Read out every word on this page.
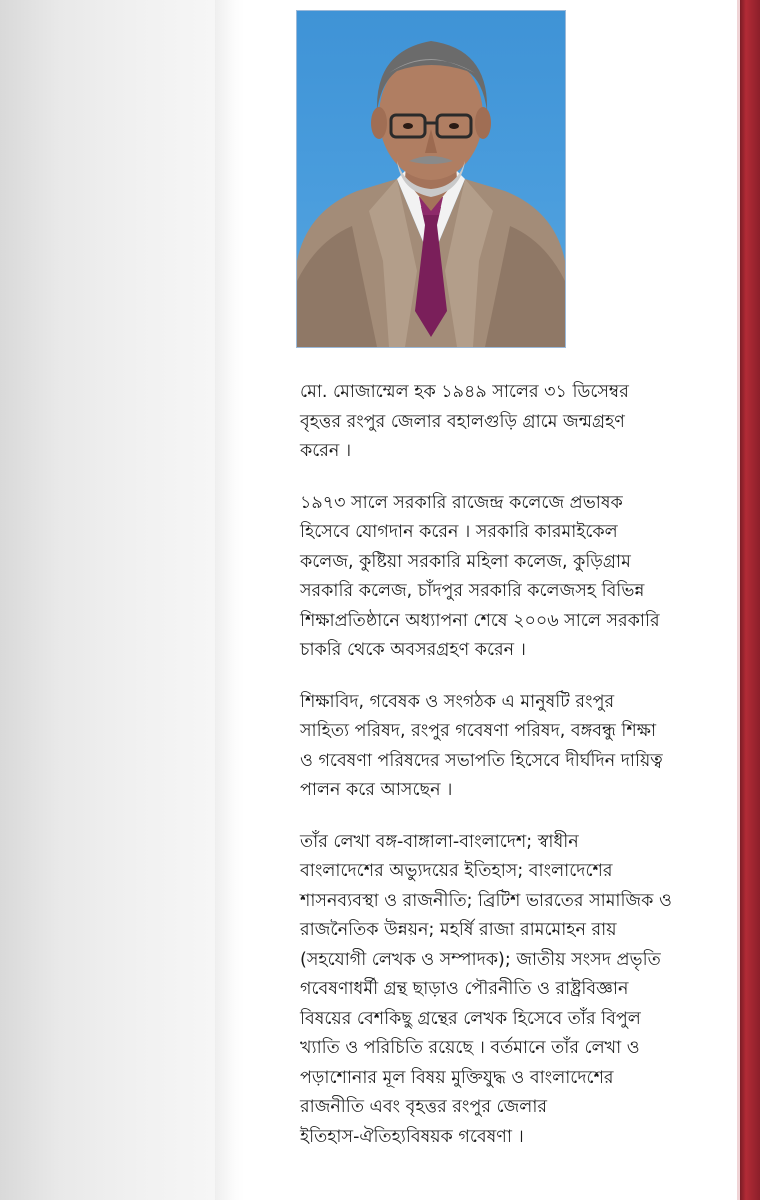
মো. মোজাম্মেল হক ১৯৪৯ সালের ৩১ ডিসেম্বর
বৃহত্তর রংপুর জেলার বহালগুড়ি গ্রামে জন্মগ্রহণ
করেন ।

১৯৭৩ সালে সরকারি রাজেন্দ্র কলেজে প্রভাষক
হিসেবে যোগদান করেন । সরকারি কারমাইকেল
কলেজ, কুষ্টিয়া সরকারি মহিলা কলেজ, কুড়িগ্রাম
সরকারি কলেজ, চাঁদপুর সরকারি কলেজসহ বিভিন্ন
শিক্ষাপ্রতিষ্ঠানে অধ্যাপনা শেষে ২০০৬ সালে সরকারি
চাকরি থেকে অবসরগ্রহণ করেন ।

শিক্ষাবিদ, গবেষক ও সংগঠক এ মানুষটি রংপুর
সাহিত্য পরিষদ, রংপুর গবেষণা পরিষদ, বঙ্গবন্ধু শিক্ষা
ও গবেষণা পরিষদের সভাপতি হিসেবে দীর্ঘদিন দায়িত্ব
পালন করে আসছেন ।

তাঁর লেখা বঙ্গ-বাঙ্গালা-বাংলাদেশ; স্বাধীন
বাংলাদেশের অভ্যুদয়ের ইতিহাস; বাংলাদেশের
শাসনব্যবস্থা ও রাজনীতি; ব্রিটিশ ভারতের সামাজিক ও
রাজনৈতিক উন্নয়ন; মহর্ষি রাজা রামমোহন রায়
(সহযোগী লেখক ও সম্পাদক); জাতীয় সংসদ প্রভৃতি
গবেষণাধর্মী গ্রন্থ ছাড়াও পৌরনীতি ও রাষ্ট্রবিজ্ঞান
বিষয়ের বেশকিছু গ্রন্থের লেখক হিসেবে তাঁর বিপুল
খ্যাতি ও পরিচিতি রয়েছে । বর্তমানে তাঁর লেখা ও
পড়াশোনার মূল বিষয় মুক্তিযুদ্ধ ও বাংলাদেশের
রাজনীতি এবং বৃহত্তর রংপুর জেলার
ইতিহাস-ঐতিহ্যবিষয়ক গবেষণা ।
